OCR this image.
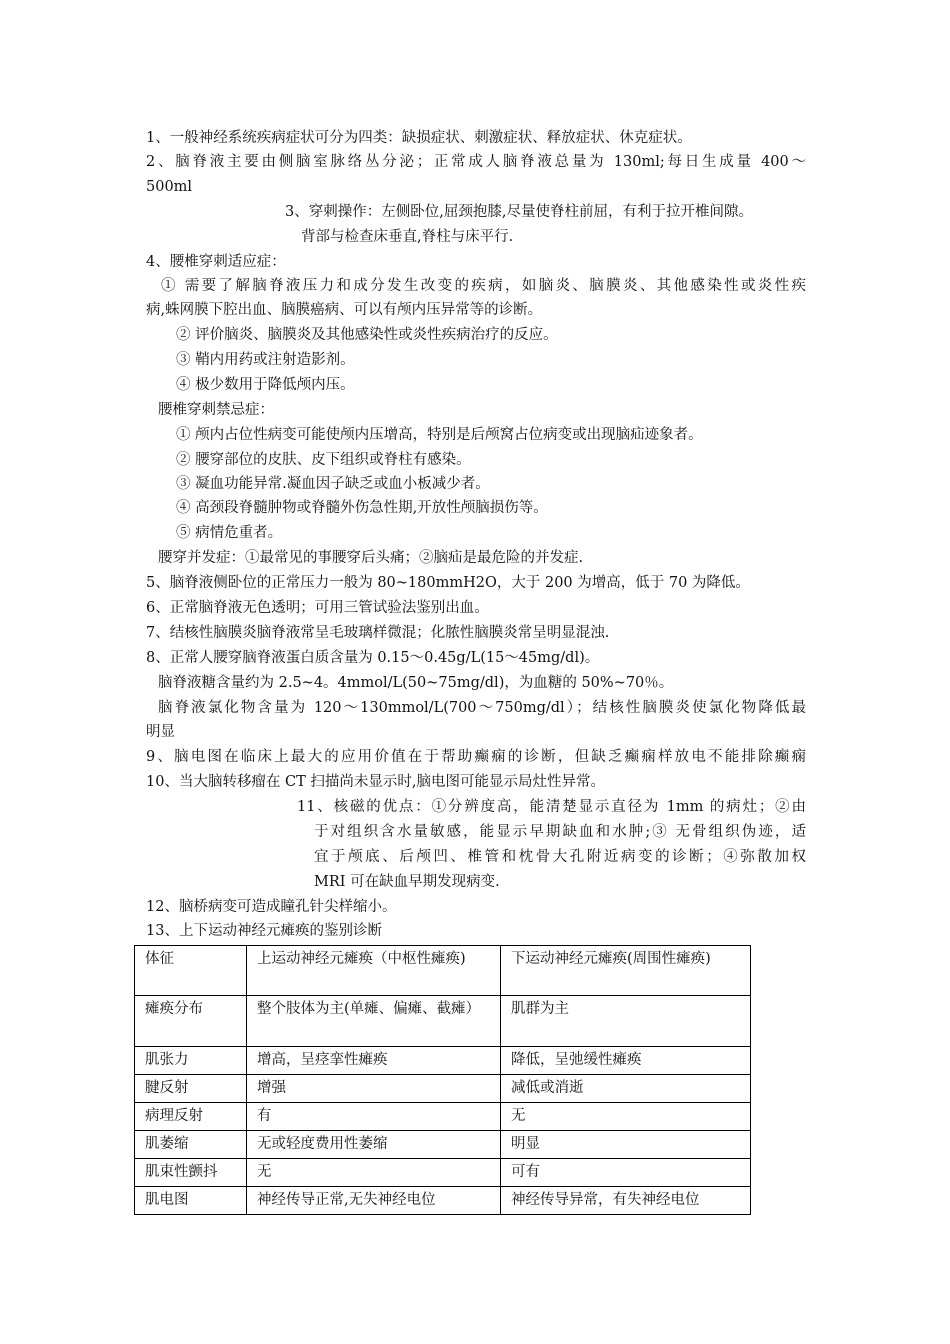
1、一般神经系统疾病症状可分为四类：缺损症状、刺激症状、释放症状、休克症状。
2、脑脊液主要由侧脑室脉络丛分泌；正常成人脑脊液总量为 130ml;每日生成量 400～
500ml
3、穿刺操作：左侧卧位,屈颈抱膝,尽量使脊柱前屈，有利于拉开椎间隙。
背部与检查床垂直,脊柱与床平行.
4、腰椎穿刺适应症：
① 需要了解脑脊液压力和成分发生改变的疾病，如脑炎、脑膜炎、其他感染性或炎性疾
病,蛛网膜下腔出血、脑膜癌病、可以有颅内压异常等的诊断。
② 评价脑炎、脑膜炎及其他感染性或炎性疾病治疗的反应。
③ 鞘内用药或注射造影剂。
④ 极少数用于降低颅内压。
腰椎穿刺禁忌症：
① 颅内占位性病变可能使颅内压增高，特别是后颅窝占位病变或出现脑疝迹象者。
② 腰穿部位的皮肤、皮下组织或脊柱有感染。
③ 凝血功能异常.凝血因子缺乏或血小板减少者。
④ 高颈段脊髓肿物或脊髓外伤急性期,开放性颅脑损伤等。
⑤ 病情危重者。
腰穿并发症：①最常见的事腰穿后头痛；②脑疝是最危险的并发症.
5、脑脊液侧卧位的正常压力一般为 80~180mmH2O，大于 200 为增高，低于 70 为降低。
6、正常脑脊液无色透明；可用三管试验法鉴别出血。
7、结核性脑膜炎脑脊液常呈毛玻璃样微混；化脓性脑膜炎常呈明显混浊.
8、正常人腰穿脑脊液蛋白质含量为 0.15～0.45g/L(15～45mg/dl)。
脑脊液糖含量约为 2.5~4。4mmol/L(50~75mg/dl)，为血糖的 50%~70％。
脑脊液氯化物含量为 120～130mmol/L(700～750mg/dl）；结核性脑膜炎使氯化物降低最
明显
9、脑电图在临床上最大的应用价值在于帮助癫痫的诊断，但缺乏癫痫样放电不能排除癫痫
10、当大脑转移瘤在 CT 扫描尚未显示时,脑电图可能显示局灶性异常。
11、核磁的优点：①分辨度高，能清楚显示直径为 1mm 的病灶；②由
于对组织含水量敏感，能显示早期缺血和水肿;③ 无骨组织伪迹，适
宜于颅底、后颅凹、椎管和枕骨大孔附近病变的诊断；④弥散加权
MRI 可在缺血早期发现病变.
12、脑桥病变可造成瞳孔针尖样缩小。
13、上下运动神经元瘫痪的鉴别诊断
体征	上运动神经元瘫痪（中枢性瘫痪)	下运动神经元瘫痪(周围性瘫痪)
瘫痪分布	整个肢体为主(单瘫、偏瘫、截瘫）	肌群为主
肌张力	增高，呈痉挛性瘫痪	降低，呈弛缓性瘫痪
腱反射	增强	减低或消逝
病理反射	有	无
肌萎缩	无或轻度费用性萎缩	明显
肌束性颤抖	无	可有
肌电图	神经传导正常,无失神经电位	神经传导异常，有失神经电位
